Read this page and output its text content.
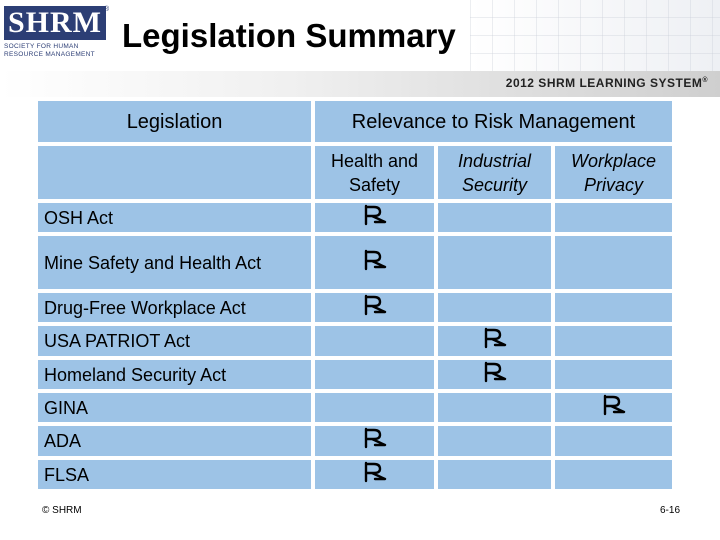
SHRM ®
SOCIETY FOR HUMAN RESOURCE MANAGEMENT Legislation Summary
2012 SHRM LEARNING SYSTEM®
Legislation	Relevance to Risk Management
Health and Safety
Industrial Security
Workplace Privacy
OSH Act
Mine Safety and Health Act
Drug-Free Workplace Act
USA PATRIOT Act
Homeland Security Act
GINA
ADA
FLSA
© SHRM	6-16
